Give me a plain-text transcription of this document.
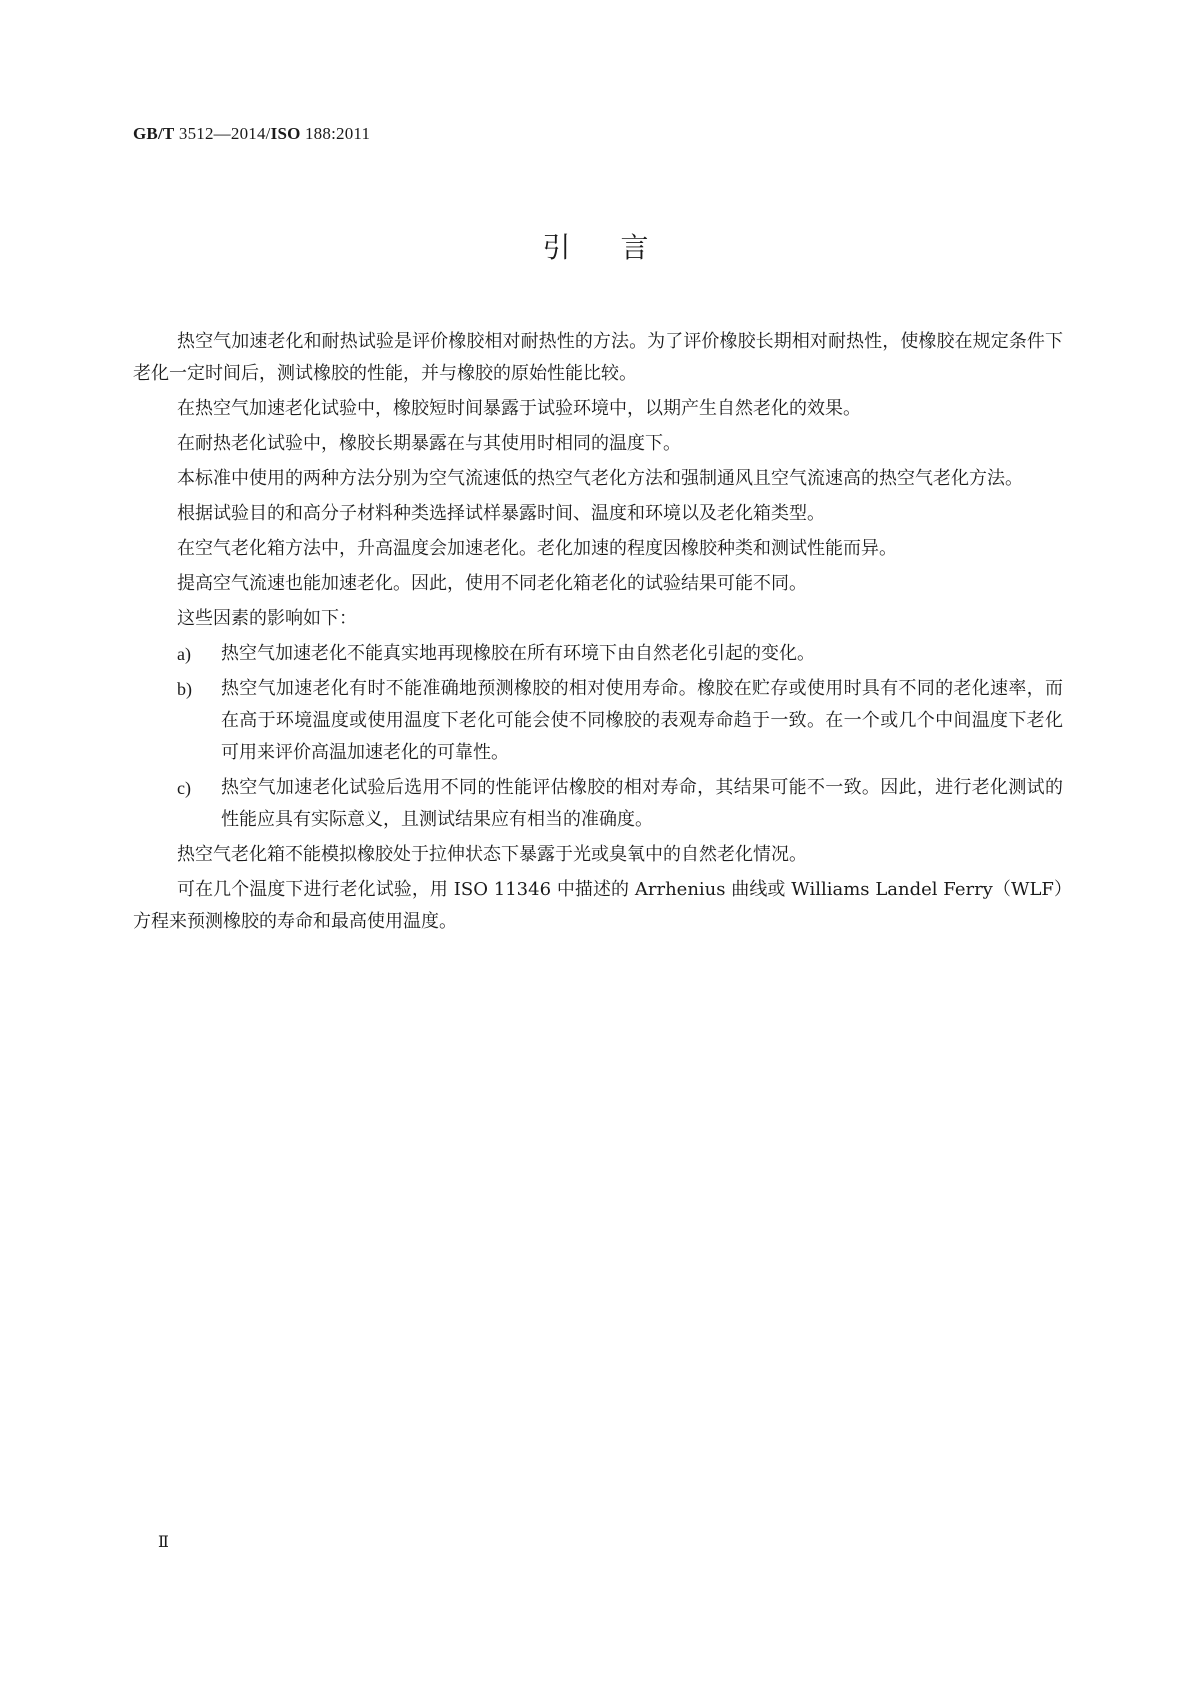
GB/T 3512—2014/ISO 188:2011
引言

热空气加速老化和耐热试验是评价橡胶相对耐热性的方法。为了评价橡胶长期相对耐热性，使橡胶在规定条件下老化一定时间后，测试橡胶的性能，并与橡胶的原始性能比较。

在热空气加速老化试验中，橡胶短时间暴露于试验环境中，以期产生自然老化的效果。

在耐热老化试验中，橡胶长期暴露在与其使用时相同的温度下。

本标准中使用的两种方法分别为空气流速低的热空气老化方法和强制通风且空气流速高的热空气老化方法。

根据试验目的和高分子材料种类选择试样暴露时间、温度和环境以及老化箱类型。

在空气老化箱方法中，升高温度会加速老化。老化加速的程度因橡胶种类和测试性能而异。

提高空气流速也能加速老化。因此，使用不同老化箱老化的试验结果可能不同。

这些因素的影响如下：

a)	热空气加速老化不能真实地再现橡胶在所有环境下由自然老化引起的变化。
b)	热空气加速老化有时不能准确地预测橡胶的相对使用寿命。橡胶在贮存或使用时具有不同的老化速率，而在高于环境温度或使用温度下老化可能会使不同橡胶的表观寿命趋于一致。在一个或几个中间温度下老化可用来评价高温加速老化的可靠性。
c)	热空气加速老化试验后选用不同的性能评估橡胶的相对寿命，其结果可能不一致。因此，进行老化测试的性能应具有实际意义，且测试结果应有相当的准确度。

热空气老化箱不能模拟橡胶处于拉伸状态下暴露于光或臭氧中的自然老化情况。

可在几个温度下进行老化试验，用 ISO 11346 中描述的 Arrhenius 曲线或 Williams Landel Ferry（WLF）方程来预测橡胶的寿命和最高使用温度。

Ⅱ
